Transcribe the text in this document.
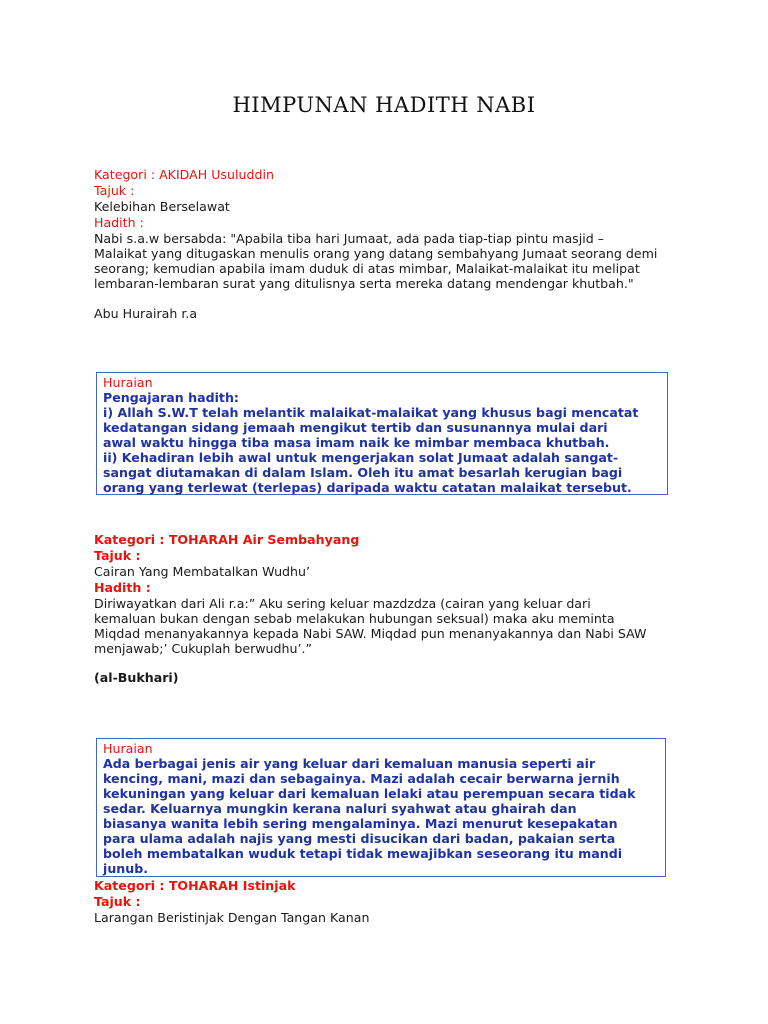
HIMPUNAN HADITH NABI

Kategori : AKIDAH Usuluddin

Tajuk :

Kelebihan Berselawat

Hadith :

Nabi s.a.w bersabda: "Apabila tiba hari Jumaat, ada pada tiap-tiap pintu masjid –
Malaikat yang ditugaskan menulis orang yang datang sembahyang Jumaat seorang demi
seorang; kemudian apabila imam duduk di atas mimbar, Malaikat-malaikat itu melipat
lembaran-lembaran surat yang ditulisnya serta mereka datang mendengar khutbah."

Abu Hurairah r.a

Huraian

Pengajaran hadith:
i) Allah S.W.T telah melantik malaikat-malaikat yang khusus bagi mencatat
kedatangan sidang jemaah mengikut tertib dan susunannya mulai dari
awal waktu hingga tiba masa imam naik ke mimbar membaca khutbah.
ii) Kehadiran lebih awal untuk mengerjakan solat Jumaat adalah sangat-
sangat diutamakan di dalam Islam. Oleh itu amat besarlah kerugian bagi
orang yang terlewat (terlepas) daripada waktu catatan malaikat tersebut.

Kategori : TOHARAH Air Sembahyang

Tajuk :

Cairan Yang Membatalkan Wudhu’

Hadith :

Diriwayatkan dari Ali r.a:” Aku sering keluar mazdzdza (cairan yang keluar dari
kemaluan bukan dengan sebab melakukan hubungan seksual) maka aku meminta
Miqdad menanyakannya kepada Nabi SAW. Miqdad pun menanyakannya dan Nabi SAW
menjawab;’ Cukuplah berwudhu’.”

(al-Bukhari)

Huraian

Ada berbagai jenis air yang keluar dari kemaluan manusia seperti air
kencing, mani, mazi dan sebagainya. Mazi adalah cecair berwarna jernih
kekuningan yang keluar dari kemaluan lelaki atau perempuan secara tidak
sedar. Keluarnya mungkin kerana naluri syahwat atau ghairah dan
biasanya wanita lebih sering mengalaminya. Mazi menurut kesepakatan
para ulama adalah najis yang mesti disucikan dari badan, pakaian serta
boleh membatalkan wuduk tetapi tidak mewajibkan seseorang itu mandi
junub.

Kategori : TOHARAH Istinjak

Tajuk :

Larangan Beristinjak Dengan Tangan Kanan
